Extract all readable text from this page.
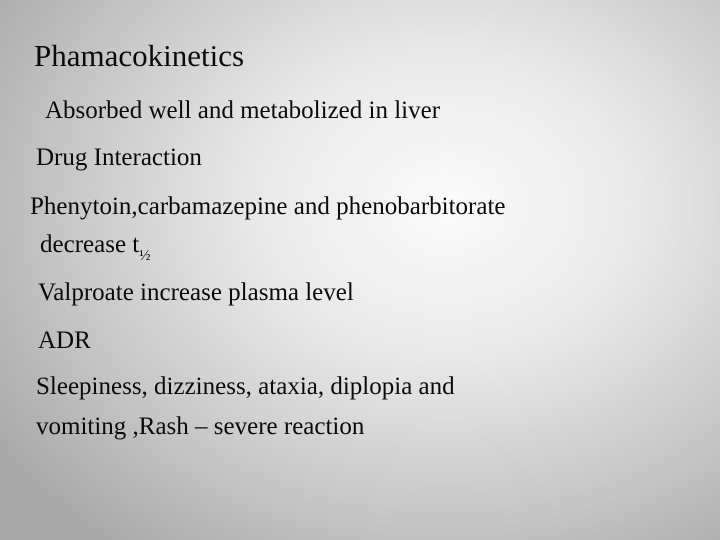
Phamacokinetics
Absorbed well and metabolized in liver
Drug Interaction
Phenytoin,carbamazepine and phenobarbitorate
decrease $t_{\frac{1}{2}}$
Valproate increase plasma level
ADR
Sleepiness, dizziness, ataxia, diplopia and
vomiting ,Rash – severe reaction
